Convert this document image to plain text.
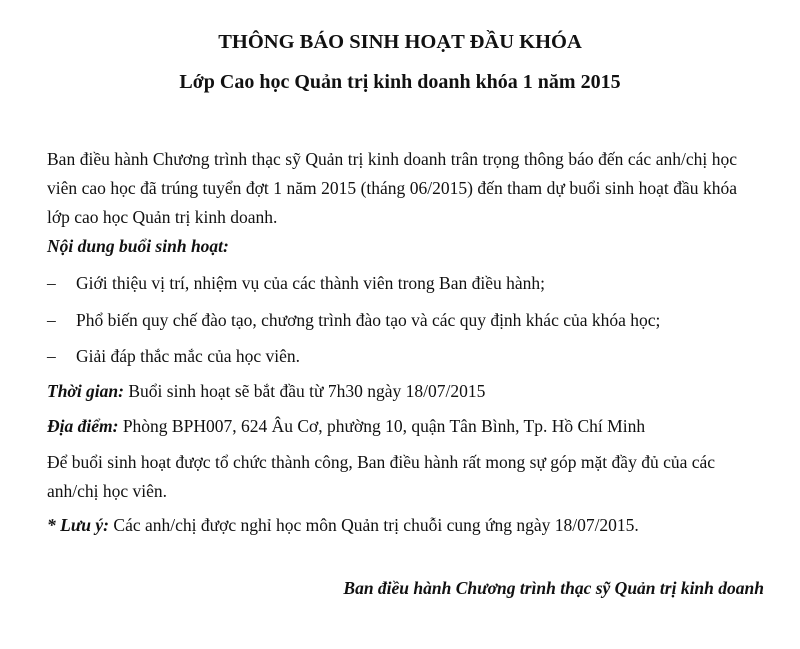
THÔNG BÁO SINH HOẠT ĐẦU KHÓA
Lớp Cao học Quản trị kinh doanh khóa 1 năm 2015

Ban điều hành Chương trình thạc sỹ Quản trị kinh doanh trân trọng thông báo đến các anh/chị học viên cao học đã trúng tuyển đợt 1 năm 2015 (tháng 06/2015) đến tham dự buổi sinh hoạt đầu khóa lớp cao học Quản trị kinh doanh.

Nội dung buổi sinh hoạt:

–	Giới thiệu vị trí, nhiệm vụ của các thành viên trong Ban điều hành;

–	Phổ biến quy chế đào tạo, chương trình đào tạo và các quy định khác của khóa học;

–	Giải đáp thắc mắc của học viên.

Thời gian: Buổi sinh hoạt sẽ bắt đầu từ 7h30 ngày 18/07/2015

Địa điểm: Phòng BPH007, 624 Âu Cơ, phường 10, quận Tân Bình, Tp. Hồ Chí Minh

Để buổi sinh hoạt được tổ chức thành công, Ban điều hành rất mong sự góp mặt đầy đủ của các anh/chị học viên.

* Lưu ý: Các anh/chị được nghỉ học môn Quản trị chuỗi cung ứng ngày 18/07/2015.

Ban điều hành Chương trình thạc sỹ Quản trị kinh doanh
